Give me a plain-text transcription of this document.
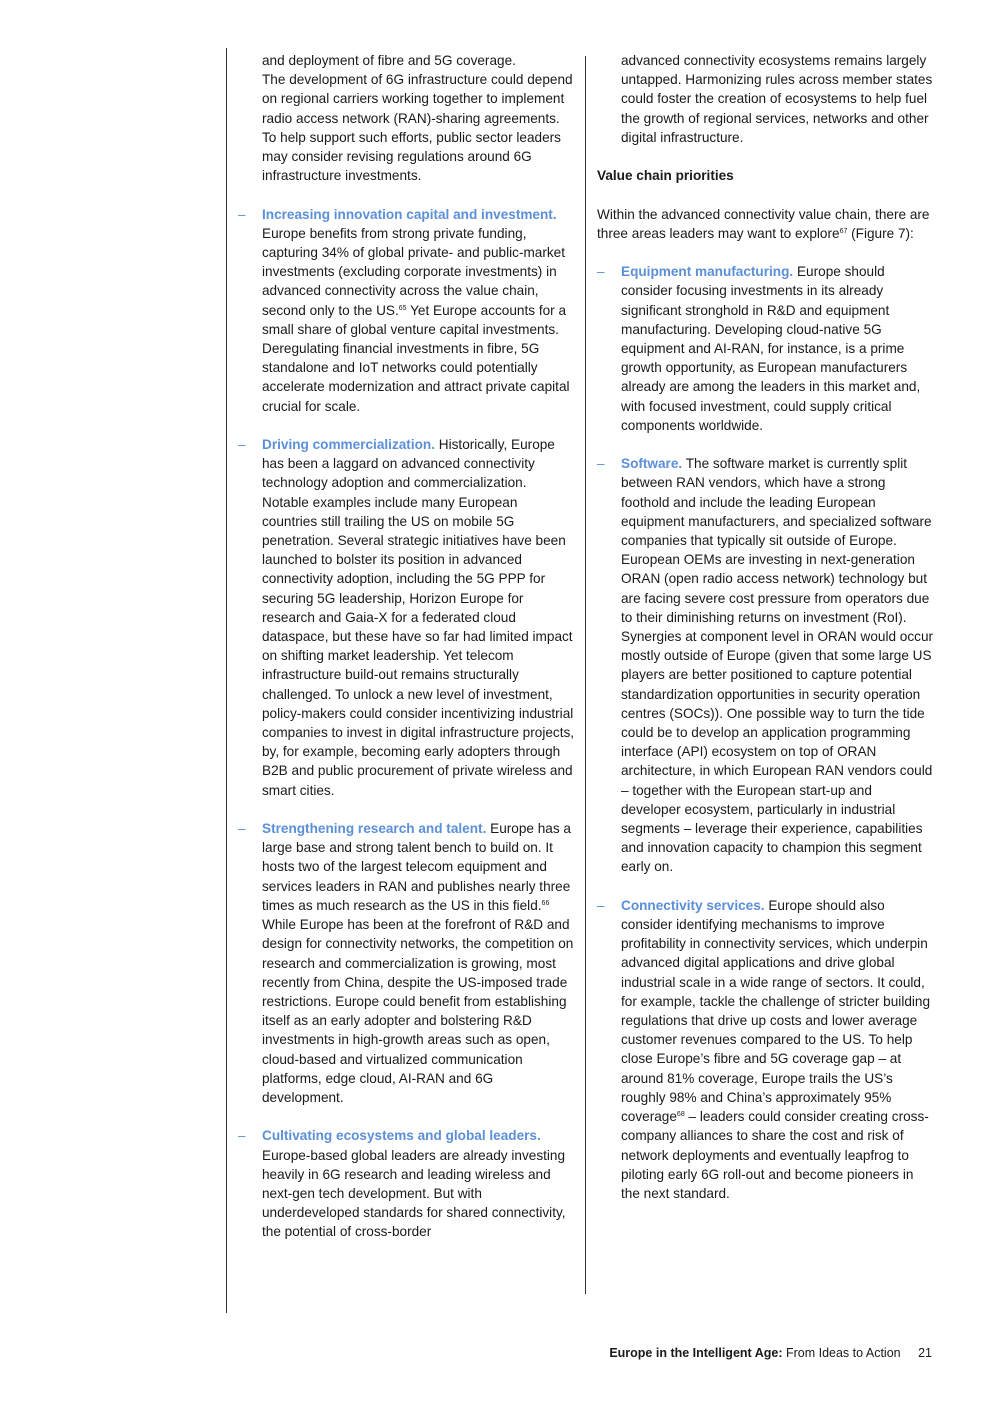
and deployment of fibre and 5G coverage.

The development of 6G infrastructure could depend on regional carriers working together to implement radio access network (RAN)-sharing agreements. To help support such efforts, public sector leaders may consider revising regulations around 6G infrastructure investments.

– Increasing innovation capital and investment. Europe benefits from strong private funding, capturing 34% of global private- and public-market investments (excluding corporate investments) in advanced connectivity across the value chain, second only to the US.$^{65}$ Yet Europe accounts for a small share of global venture capital investments. Deregulating financial investments in fibre, 5G standalone and IoT networks could potentially accelerate modernization and attract private capital crucial for scale.

– Driving commercialization. Historically, Europe has been a laggard on advanced connectivity technology adoption and commercialization. Notable examples include many European countries still trailing the US on mobile 5G penetration. Several strategic initiatives have been launched to bolster its position in advanced connectivity adoption, including the 5G PPP for securing 5G leadership, Horizon Europe for research and Gaia-X for a federated cloud dataspace, but these have so far had limited impact on shifting market leadership. Yet telecom infrastructure build-out remains structurally challenged. To unlock a new level of investment, policy-makers could consider incentivizing industrial companies to invest in digital infrastructure projects, by, for example, becoming early adopters through B2B and public procurement of private wireless and smart cities.

– Strengthening research and talent. Europe has a large base and strong talent bench to build on. It hosts two of the largest telecom equipment and services leaders in RAN and publishes nearly three times as much research as the US in this field.$^{66}$ While Europe has been at the forefront of R&D and design for connectivity networks, the competition on research and commercialization is growing, most recently from China, despite the US-imposed trade restrictions. Europe could benefit from establishing itself as an early adopter and bolstering R&D investments in high-growth areas such as open, cloud-based and virtualized communication platforms, edge cloud, AI-RAN and 6G development.

– Cultivating ecosystems and global leaders. Europe-based global leaders are already investing heavily in 6G research and leading wireless and next-gen tech development. But with underdeveloped standards for shared connectivity, the potential of cross-border

advanced connectivity ecosystems remains largely untapped. Harmonizing rules across member states could foster the creation of ecosystems to help fuel the growth of regional services, networks and other digital infrastructure.

Value chain priorities

Within the advanced connectivity value chain, there are three areas leaders may want to explore$^{67}$ (Figure 7):

– Equipment manufacturing. Europe should consider focusing investments in its already significant stronghold in R&D and equipment manufacturing. Developing cloud-native 5G equipment and AI-RAN, for instance, is a prime growth opportunity, as European manufacturers already are among the leaders in this market and, with focused investment, could supply critical components worldwide.

– Software. The software market is currently split between RAN vendors, which have a strong foothold and include the leading European equipment manufacturers, and specialized software companies that typically sit outside of Europe. European OEMs are investing in next-generation ORAN (open radio access network) technology but are facing severe cost pressure from operators due to their diminishing returns on investment (RoI). Synergies at component level in ORAN would occur mostly outside of Europe (given that some large US players are better positioned to capture potential standardization opportunities in security operation centres (SOCs)). One possible way to turn the tide could be to develop an application programming interface (API) ecosystem on top of ORAN architecture, in which European RAN vendors could – together with the European start-up and developer ecosystem, particularly in industrial segments – leverage their experience, capabilities and innovation capacity to champion this segment early on.

– Connectivity services. Europe should also consider identifying mechanisms to improve profitability in connectivity services, which underpin advanced digital applications and drive global industrial scale in a wide range of sectors. It could, for example, tackle the challenge of stricter building regulations that drive up costs and lower average customer revenues compared to the US. To help close Europe’s fibre and 5G coverage gap – at around 81% coverage, Europe trails the US’s roughly 98% and China’s approximately 95% coverage$^{68}$ – leaders could consider creating cross-company alliances to share the cost and risk of network deployments and eventually leapfrog to piloting early 6G roll-out and become pioneers in the next standard.

Europe in the Intelligent Age: From Ideas to Action 21
